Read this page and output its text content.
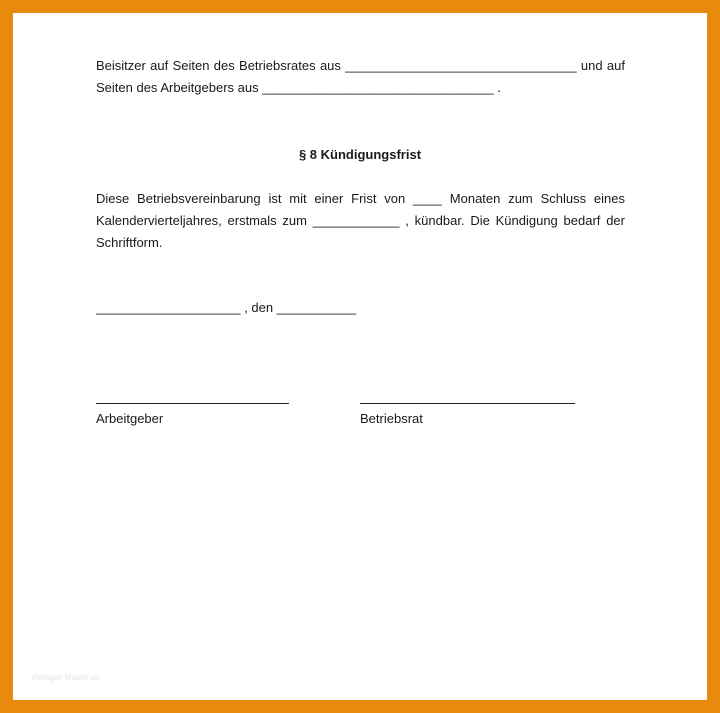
Beisitzer auf Seiten des Betriebsrates aus ________________________________ und auf Seiten des Arbeitgebers aus ________________________________ .
§ 8 Kündigungsfrist
Diese Betriebsvereinbarung ist mit einer Frist von ____ Monaten zum Schluss eines Kalendervierteljahres, erstmals zum ____________ , kündbar. Die Kündigung bedarf der Schriftform.
____________________ , den ___________
Arbeitgeber	Betriebsrat
Vorlagen Muster.de
